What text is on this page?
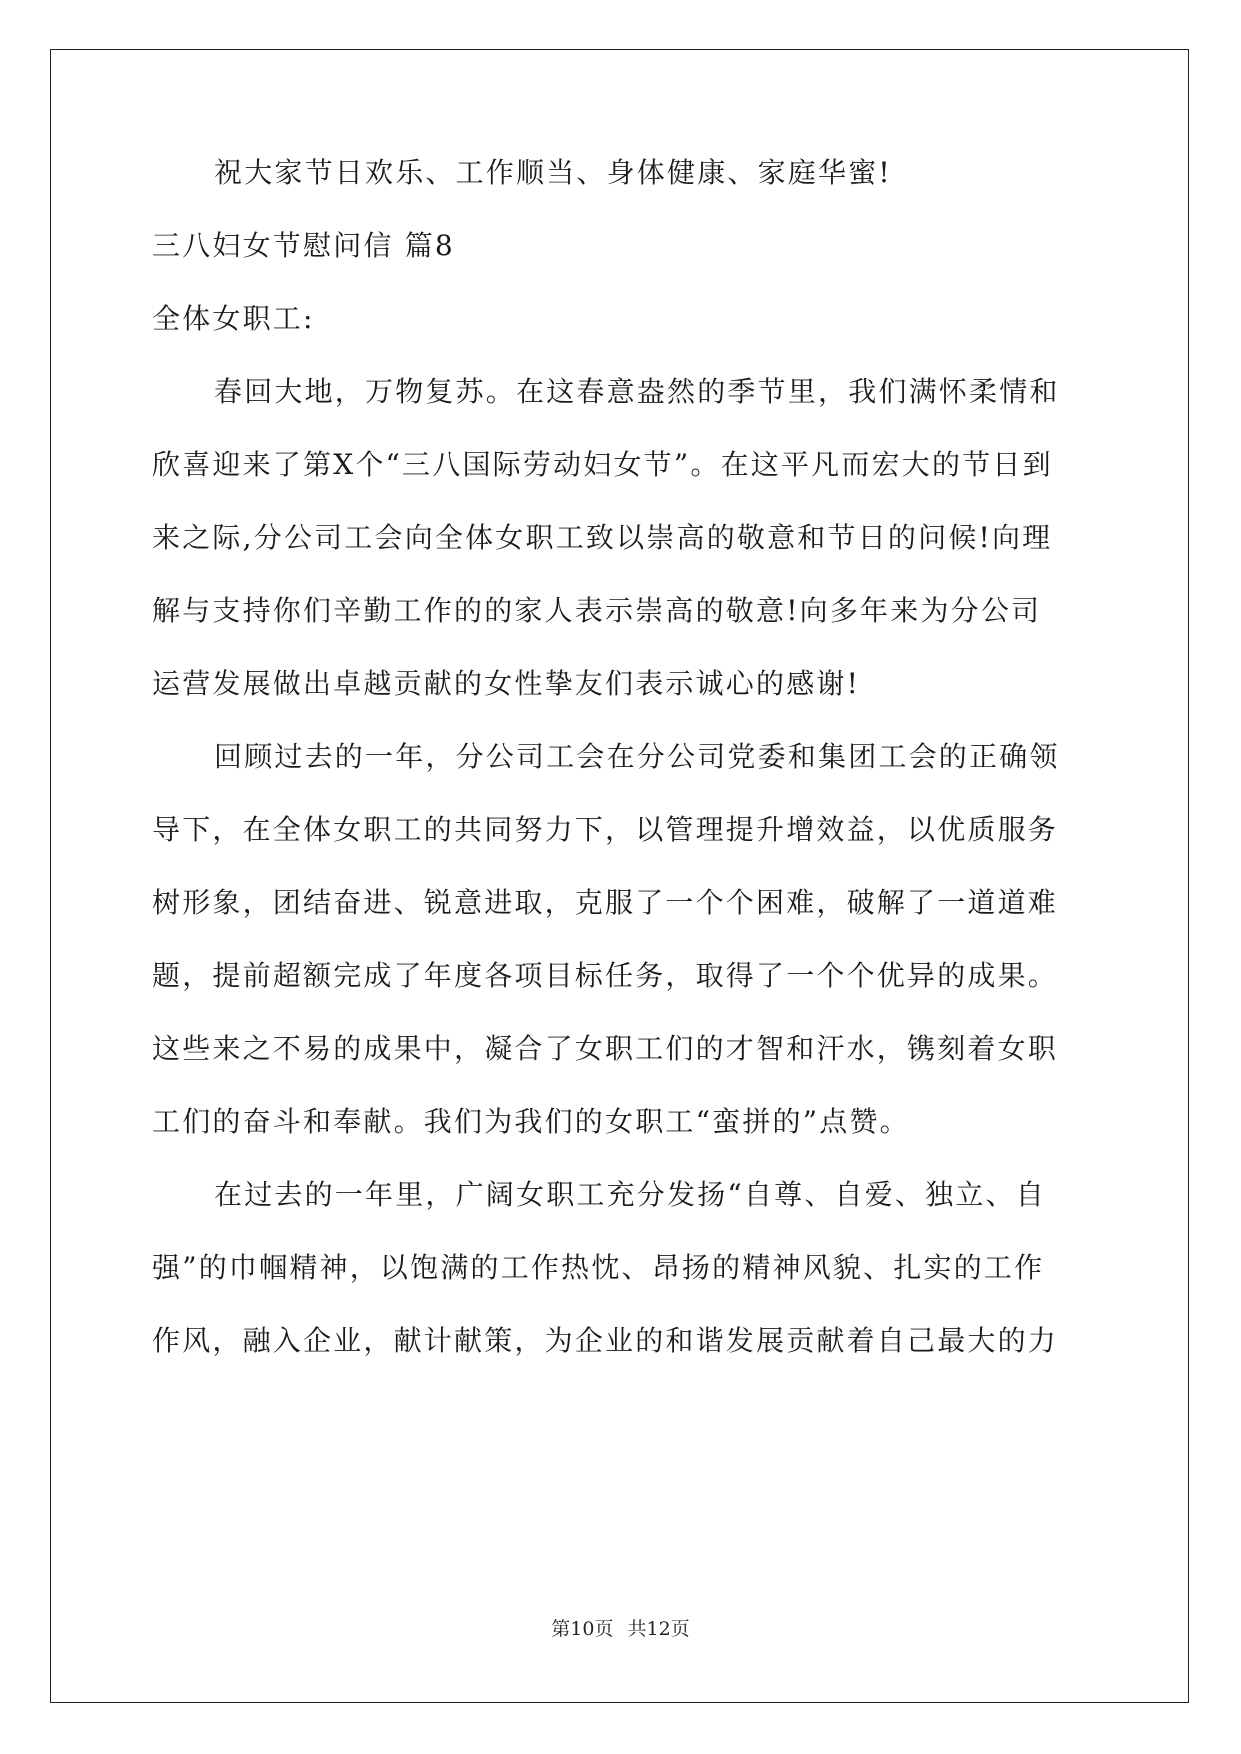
祝大家节日欢乐、工作顺当、身体健康、家庭华蜜!
三八妇女节慰问信 篇8
全体女职工:
春回大地，万物复苏。在这春意盎然的季节里，我们满怀柔情和
欣喜迎来了第X个“三八国际劳动妇女节”。在这平凡而宏大的节日到
来之际,分公司工会向全体女职工致以崇高的敬意和节日的问候!向理
解与支持你们辛勤工作的的家人表示崇高的敬意!向多年来为分公司
运营发展做出卓越贡献的女性挚友们表示诚心的感谢!
回顾过去的一年，分公司工会在分公司党委和集团工会的正确领
导下，在全体女职工的共同努力下，以管理提升增效益，以优质服务
树形象，团结奋进、锐意进取，克服了一个个困难，破解了一道道难
题，提前超额完成了年度各项目标任务，取得了一个个优异的成果。
这些来之不易的成果中，凝合了女职工们的才智和汗水，镌刻着女职
工们的奋斗和奉献。我们为我们的女职工“蛮拼的”点赞。
在过去的一年里，广阔女职工充分发扬“自尊、自爱、独立、自
强”的巾帼精神，以饱满的工作热忱、昂扬的精神风貌、扎实的工作
作风，融入企业，献计献策，为企业的和谐发展贡献着自己最大的力
第10页 共12页
